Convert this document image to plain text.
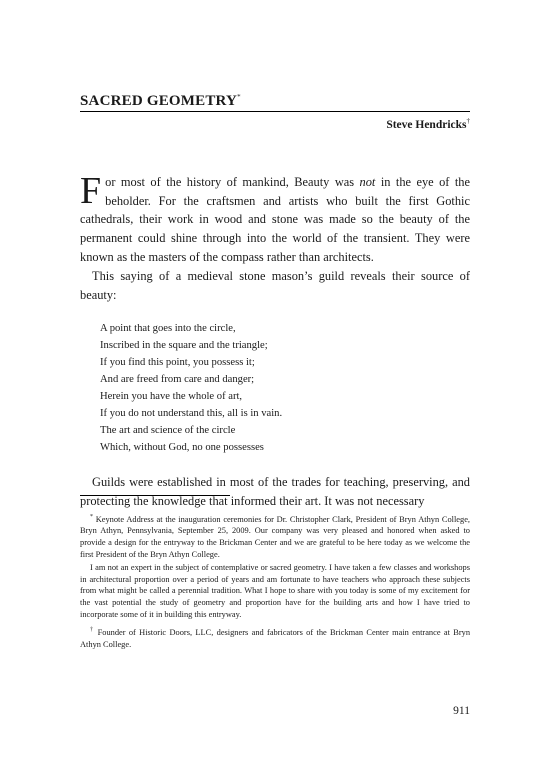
SACRED GEOMETRY*
Steve Hendricks†

For most of the history of mankind, Beauty was not in the eye of the beholder. For the craftsmen and artists who built the first Gothic cathedrals, their work in wood and stone was made so the beauty of the permanent could shine through into the world of the transient. They were known as the masters of the compass rather than architects.

This saying of a medieval stone mason’s guild reveals their source of beauty:

A point that goes into the circle,
Inscribed in the square and the triangle;
If you find this point, you possess it;
And are freed from care and danger;
Herein you have the whole of art,
If you do not understand this, all is in vain.
The art and science of the circle
Which, without God, no one possesses

Guilds were established in most of the trades for teaching, preserving, and protecting the knowledge that informed their art. It was not necessary

* Keynote Address at the inauguration ceremonies for Dr. Christopher Clark, President of Bryn Athyn College, Bryn Athyn, Pennsylvania, September 25, 2009. Our company was very pleased and honored when asked to provide a design for the entryway to the Brickman Center and we are grateful to be here today as we welcome the first President of the Bryn Athyn College.

I am not an expert in the subject of contemplative or sacred geometry. I have taken a few classes and workshops in architectural proportion over a period of years and am fortunate to have teachers who approach these subjects from what might be called a perennial tradition. What I hope to share with you today is some of my excitement for the vast potential the study of geometry and proportion have for the building arts and how I have tried to incorporate some of it in building this entryway.

† Founder of Historic Doors, LLC, designers and fabricators of the Brickman Center main entrance at Bryn Athyn College.

911
